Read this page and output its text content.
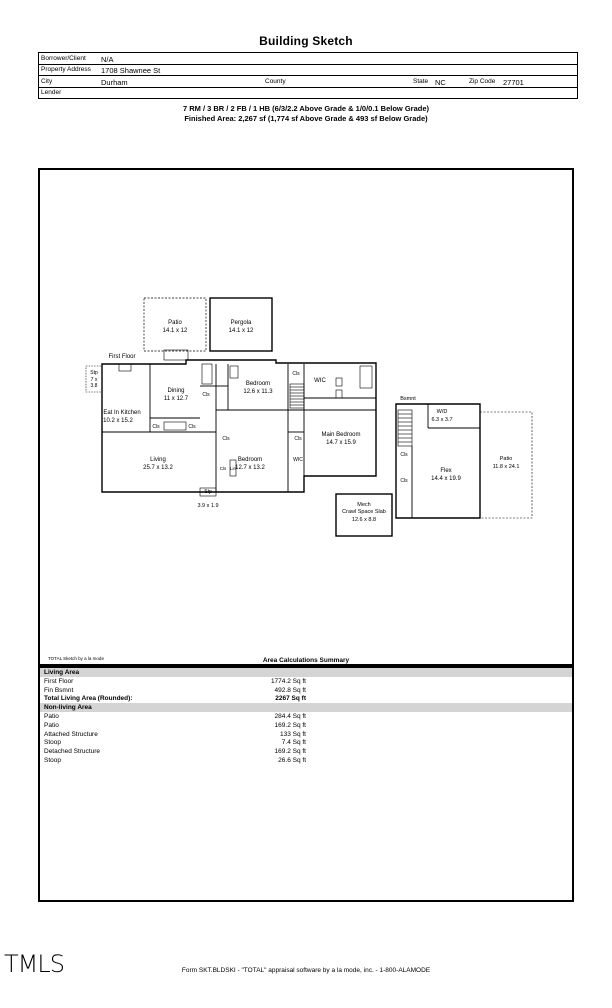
Building Sketch
Borrower/Client N/A
Property Address 1708 Shawnee St
City	Durham	County	State NC	Zip Code 27701
Lender
7 RM / 3 BR / 2 FB / 1 HB (6/3/2.2 Above Grade & 1/0/0.1 Below Grade)
Finished Area: 2,267 sf (1,774 sf Above Grade & 493 sf Below Grade)
Patio
14.1 x 12
Pergola
14.1 x 12
First Floor
Stp
7 x
3.8
Dining
11 x 12.7
Cls
Bedroom
12.6 x 11.3
Cls
WIC
Eat In Kitchen
10.2 x 15.2
Cls	Cls
Cls	Cls
Main Bedroom
14.7 x 15.9
Living
25.7 x 13.2
Bedroom
12.7 x 13.2
Cls Lin
WIC
Stp
3.9 x 1.9
Bsmnt
W/D
6.3 x 3.7
Cls
Cls
Flex
14.4 x 19.9
Patio
11.8 x 24.1
Mech
Crawl Space Slab
12.6 x 8.8
TOTAL Sketch by a la mode	Area Calculations Summary
Living Area
First Floor	1774.2 Sq ft
Fin Bsmnt	492.8 Sq ft
Total Living Area (Rounded):	2267 Sq ft
Non-living Area
Patio	284.4 Sq ft
Patio	169.2 Sq ft
Attached Structure	133 Sq ft
Stoop	7.4 Sq ft
Detached Structure	169.2 Sq ft
Stoop	26.6 Sq ft
TMLS	Form SKT.BLDSKI - "TOTAL" appraisal software by a la mode, inc. - 1-800-ALAMODE
